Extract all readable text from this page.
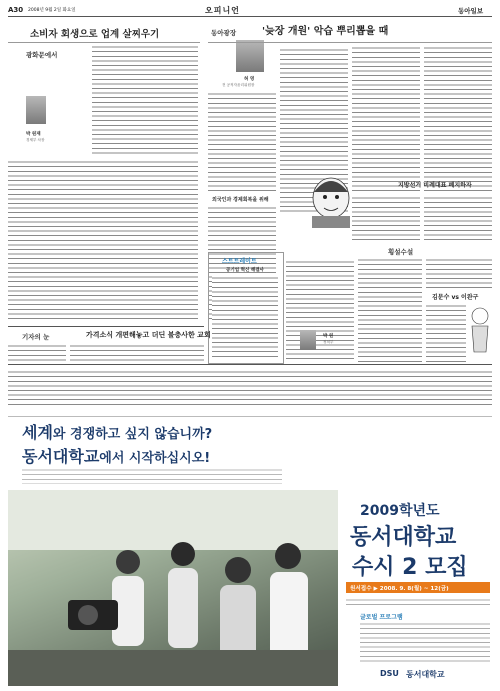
A30 2008년 9월 2일 화요일	오피니언	동아일보
소비자 회생으로 업계 살찌우기
광화문에서
박 원재
경제부 차장
동아광장
허 영
전 공직자윤리위원장
외국인과 경제회복을 위해
'늦장 개원' 악습 뿌리뽑을 때
지방선거 비례대표 폐지하자
스트트레이트
공기업 혁신 해결사
박 원
정치부
횡설수설
김문수 vs 이완구
기자의 눈	가격소식 개편해놓고 더딘 불충사한 교회
세계와 경쟁하고 싶지 않습니까?
동서대학교에서 시작하십시오!
2009학년도
동서대학교
수시 2 모집
원서접수 ▶ 2008. 9. 8(월) ~ 12(금)
글로벌 프로그램
DSU 동서대학교
